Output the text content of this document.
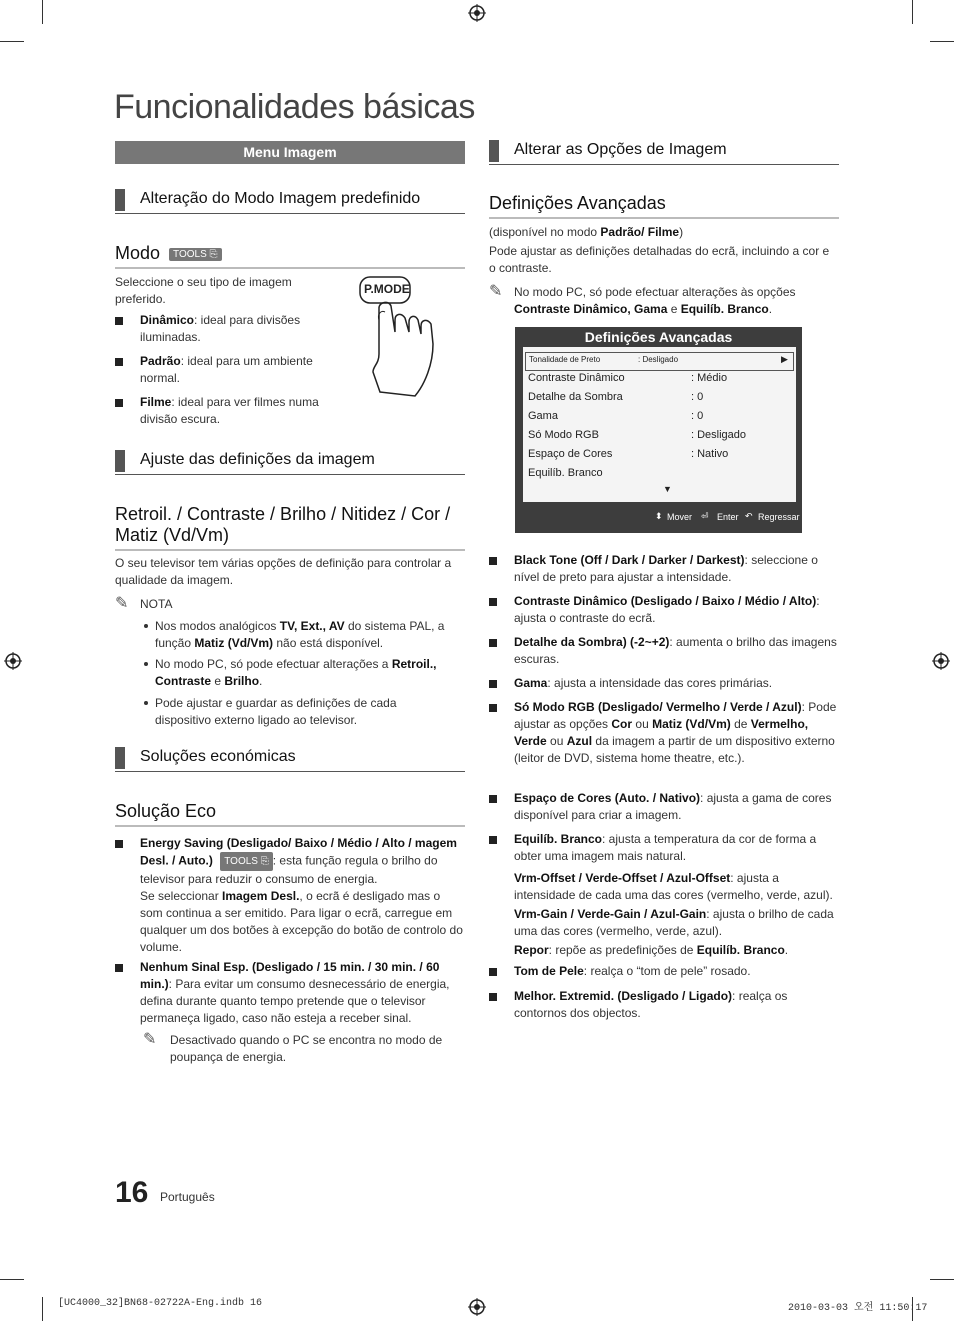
Funcionalidades básicas
Menu Imagem
Alteração do Modo Imagem predefinido
Modo TOOLS ⎘
Seleccione o seu tipo de imagem preferido.
P.MODE
Dinâmico: ideal para divisões iluminadas.
Padrão: ideal para um ambiente normal.
Filme: ideal para ver filmes numa divisão escura.
Ajuste das definições da imagem
Retroil. / Contraste / Brilho / Nitidez / Cor / Matiz (Vd/Vm)
O seu televisor tem várias opções de definição para controlar a qualidade da imagem.
✎ NOTA
Nos modos analógicos TV, Ext., AV do sistema PAL, a função Matiz (Vd/Vm) não está disponível.
No modo PC, só pode efectuar alterações a Retroil., Contraste e Brilho.
Pode ajustar e guardar as definições de cada dispositivo externo ligado ao televisor.
Soluções económicas
Solução Eco
Energy Saving (Desligado/ Baixo / Médio / Alto / magem Desl. / Auto.) TOOLS ⎘ : esta função regula o brilho do televisor para reduzir o consumo de energia.
Se seleccionar Imagem Desl., o ecrã é desligado mas o som continua a ser emitido. Para ligar o ecrã, carregue em qualquer um dos botões à excepção do botão de controlo do volume.
Nenhum Sinal Esp. (Desligado / 15 min. / 30 min. / 60 min.): Para evitar um consumo desnecessário de energia, defina durante quanto tempo pretende que o televisor permaneça ligado, caso não esteja a receber sinal.
✎ Desactivado quando o PC se encontra no modo de poupança de energia.
Alterar as Opções de Imagem
Definições Avançadas
(disponível no modo Padrão/ Filme)
Pode ajustar as definições detalhadas do ecrã, incluindo a cor e o contraste.
✎ No modo PC, só pode efectuar alterações às opções Contraste Dinâmico, Gama e Equilíb. Branco.
Definições Avançadas
Tonalidade de Preto	: Desligado	▶
Contraste Dinâmico	: Médio
Detalhe da Sombra	: 0
Gama	: 0
Só Modo RGB	: Desligado
Espaço de Cores	: Nativo
Equilíb. Branco
▼
⬍ Mover ⏎ Enter ↶ Regressar
Black Tone (Off / Dark / Darker / Darkest): seleccione o nível de preto para ajustar a intensidade.
Contraste Dinâmico (Desligado / Baixo / Médio / Alto): ajusta o contraste do ecrã.
Detalhe da Sombra) (-2~+2): aumenta o brilho das imagens escuras.
Gama: ajusta a intensidade das cores primárias.
Só Modo RGB (Desligado/ Vermelho / Verde / Azul): Pode ajustar as opções Cor ou Matiz (Vd/Vm) de Vermelho, Verde ou Azul da imagem a partir de um dispositivo externo (leitor de DVD, sistema home theatre, etc.).
Espaço de Cores (Auto. / Nativo): ajusta a gama de cores disponível para criar a imagem.
Equilíb. Branco: ajusta a temperatura da cor de forma a obter uma imagem mais natural.
Vrm-Offset / Verde-Offset / Azul-Offset: ajusta a intensidade de cada uma das cores (vermelho, verde, azul).
Vrm-Gain / Verde-Gain / Azul-Gain: ajusta o brilho de cada uma das cores (vermelho, verde, azul).
Repor: repõe as predefinições de Equilíb. Branco.
Tom de Pele: realça o “tom de pele” rosado.
Melhor. Extremid. (Desligado / Ligado): realça os contornos dos objectos.
16 Português
[UC4000_32]BN68-02722A-Eng.indb 16	2010-03-03 오전 11:50:17
